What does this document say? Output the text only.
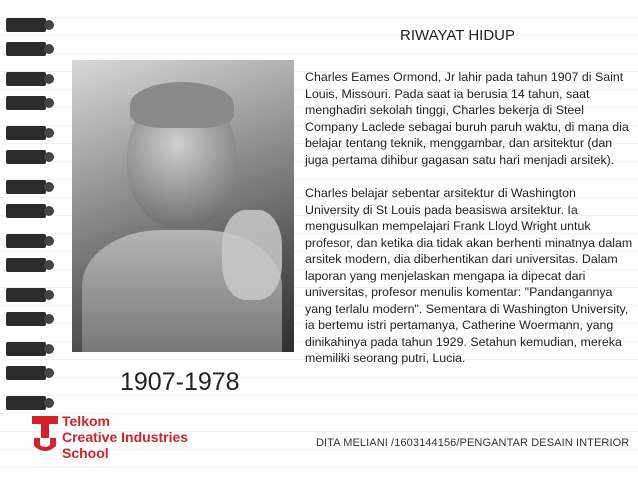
RIWAYAT HIDUP

Charles Eames Ormond, Jr lahir pada tahun 1907 di Saint Louis, Missouri. Pada saat ia berusia 14 tahun, saat menghadiri sekolah tinggi, Charles bekerja di Steel Company Laclede sebagai buruh paruh waktu, di mana dia belajar tentang teknik, menggambar, dan arsitektur (dan juga pertama dihibur gagasan satu hari menjadi arsitek).

Charles belajar sebentar arsitektur di Washington University di St Louis pada beasiswa arsitektur. Ia mengusulkan mempelajari Frank Lloyd Wright untuk profesor, dan ketika dia tidak akan berhenti minatnya dalam arsitek modern, dia diberhentikan dari universitas. Dalam laporan yang menjelaskan mengapa ia dipecat dari universitas, profesor menulis komentar: "Pandangannya yang terlalu modern". Sementara di Washington University, ia bertemu istri pertamanya, Catherine Woermann, yang dinikahinya pada tahun 1929. Setahun kemudian, mereka memiliki seorang putri, Lucia.

1907-1978
Telkom
Creative Industries
School
DITA MELIANI /1603144156/PENGANTAR DESAIN INTERIOR
